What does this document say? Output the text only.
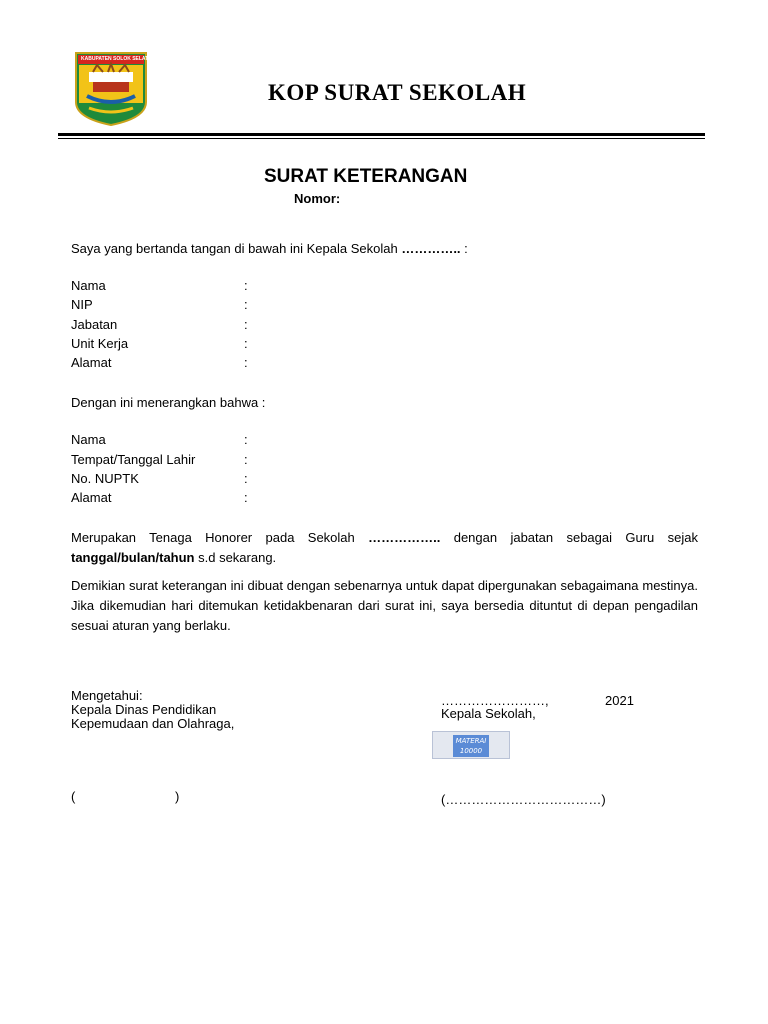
KABUPATEN SOLOK SELATAN
KOP SURAT SEKOLAH
SURAT KETERANGAN
Nomor:
Saya yang bertanda tangan di bawah ini Kepala Sekolah ………….. :
Nama	:
NIP	:
Jabatan	:
Unit Kerja	:
Alamat	:
Dengan ini menerangkan bahwa :
Nama	:
Tempat/Tanggal Lahir	:
No. NUPTK	:
Alamat	:
Merupakan Tenaga Honorer pada Sekolah …………….. dengan jabatan sebagai Guru sejak tanggal/bulan/tahun s.d sekarang.
Demikian surat keterangan ini dibuat dengan sebenarnya untuk dapat dipergunakan sebagaimana mestinya. Jika dikemudian hari ditemukan ketidakbenaran dari surat ini, saya bersedia dituntut di depan pengadilan sesuai aturan yang berlaku.
Mengetahui:
Kepala Dinas Pendidikan
Kepemudaan dan Olahraga,
(	)
……………………,	2021
Kepala Sekolah,
MATERAI
10000
(………………………………)
